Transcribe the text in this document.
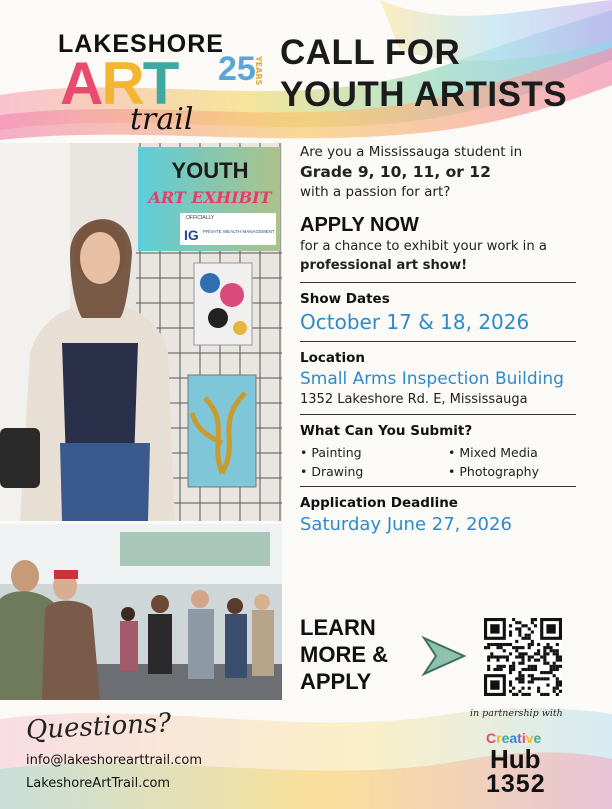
LAKESHORE
ART 25
YEARS
trail
CALL FOR
YOUTH ARTISTS
YOUTH
ART EXHIBIT
OFFICIALLY
IG PRIVATE WEALTH MANAGEMENT
Are you a Mississauga student in
Grade 9, 10, 11, or 12
with a passion for art?
APPLY NOW
for a chance to exhibit your work in a
professional art show!
Show Dates
October 17 & 18, 2026
Location
Small Arms Inspection Building
1352 Lakeshore Rd. E, Mississauga
What Can You Submit?
• Painting	• Mixed Media
• Drawing	• Photography
Application Deadline
Saturday June 27, 2026
LEARN
MORE &
APPLY
Questions?
info@lakeshorearttrail.com
LakeshoreArtTrail.com
in partnership with
Creative
Hub
1352
